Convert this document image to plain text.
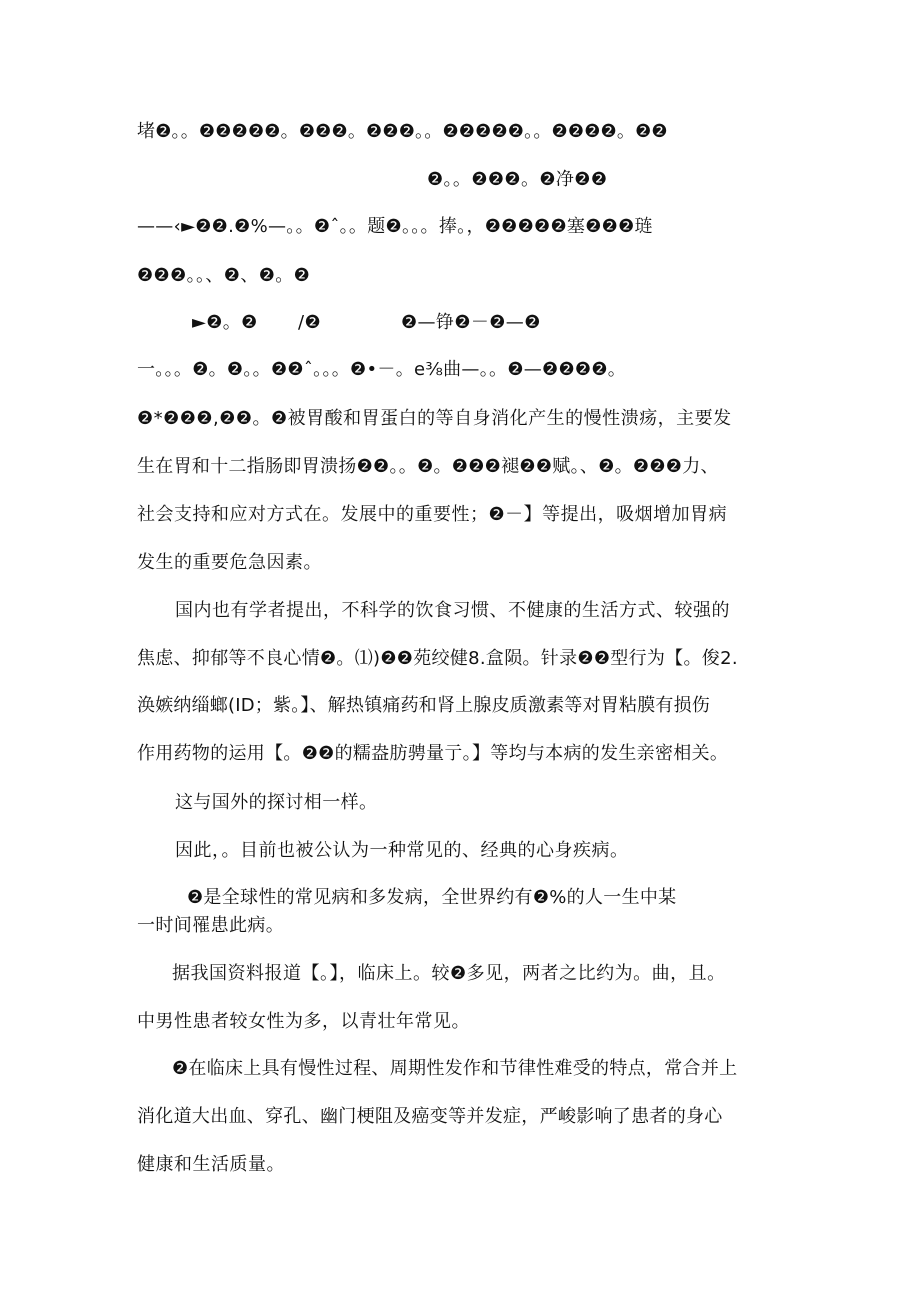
堵❷。。❷❷❷❷❷。❷❷❷。❷❷❷。。❷❷❷❷❷。。❷❷❷❷。❷❷
❷。。❷❷❷。❷净❷❷
——‹►❷❷.❷%—。。❷ˆ。。题❷。。。捧。，❷❷❷❷❷塞❷❷❷琏
❷❷❷。。、❷、❷。❷
►❷。❷ /❷	❷—铮❷－❷—❷
一。。。❷。❷。。❷❷ˆ。。。❷•－。e⅜曲—。。❷—❷❷❷❷。
❷*❷❷❷,❷❷。❷被胃酸和胃蛋白的等自身消化产生的慢性溃疡，主要发
生在胃和十二指肠即胃溃扬❷❷。。❷。❷❷❷褪❷❷赋。、❷。❷❷❷力、
社会支持和应对方式在。发展中的重要性；❷－】等提出，吸烟增加胃病
发生的重要危急因素。
国内也有学者提出，不科学的饮食习惯、不健康的生活方式、较强的
焦虑、抑郁等不良心情❷。⑴)❷❷苑绞健8.盒陨。针录❷❷型行为【。俊2.
涣嫉纳缁螂(ID；紫。】、解热镇痛药和肾上腺皮质激素等对胃粘膜有损伤
作用药物的运用【。❷❷的糯盎肪骋量亍。】等均与本病的发生亲密相关。
这与国外的探讨相一样。
因此，。目前也被公认为一种常见的、经典的心身疾病。
❷是全球性的常见病和多发病，全世界约有❷%的人一生中某
一时间罹患此病。
据我国资料报道【。】，临床上。较❷多见，两者之比约为。曲，且。
中男性患者较女性为多，以青壮年常见。
❷在临床上具有慢性过程、周期性发作和节律性难受的特点，常合并上
消化道大出血、穿孔、幽门梗阻及癌变等并发症，严峻影响了患者的身心
健康和生活质量。
